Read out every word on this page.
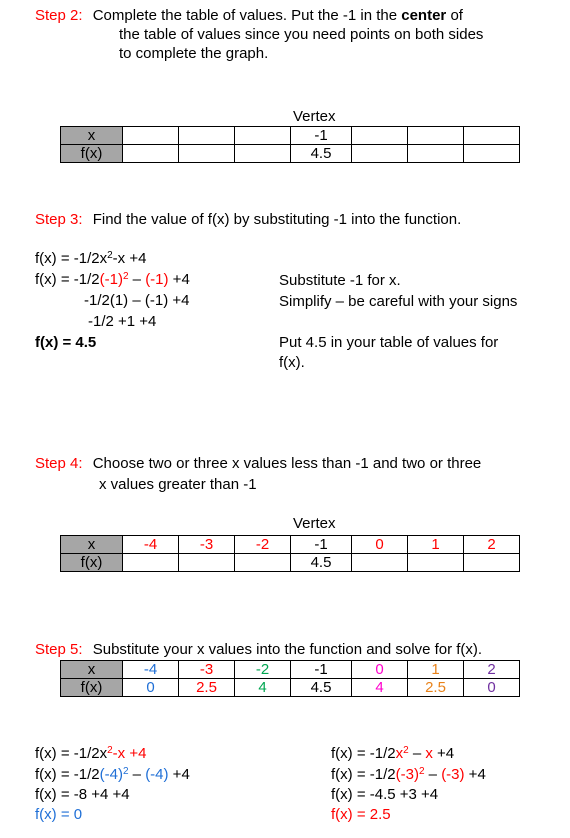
Step 2: Complete the table of values. Put the -1 in the center of
the table of values since you need points on both sides
to complete the graph.
Vertex
x				-1			
f(x)				4.5			
Step 3: Find the value of f(x) by substituting -1 into the function.
$f(x) = -1/2x^2-x +4$
$f(x) = -1/2(-1)^2 - (-1) +4$
-1/2(1) – (-1) +4
-1/2 +1 +4
f(x) = 4.5
Substitute -1 for x.
Simplify – be careful with your signs
Put 4.5 in your table of values for
f(x).
Step 4: Choose two or three x values less than -1 and two or three
x values greater than -1
Vertex
x	-4	-3	-2	-1	0	1	2
f(x)				4.5			
Step 5: Substitute your x values into the function and solve for f(x).
x	-4	-3	-2	-1	0	1	2
f(x)	0	2.5	4	4.5	4	2.5	0
$f(x) = -1/2x^2-x +4$
$f(x) = -1/2(-4)^2 - (-4) +4$
f(x) = -8 +4 +4
f(x) = 0
$f(x) = -1/2x^2 - x +4$
$f(x) = -1/2(-3)^2 - (-3) +4$
f(x) = -4.5 +3 +4
f(x) = 2.5
